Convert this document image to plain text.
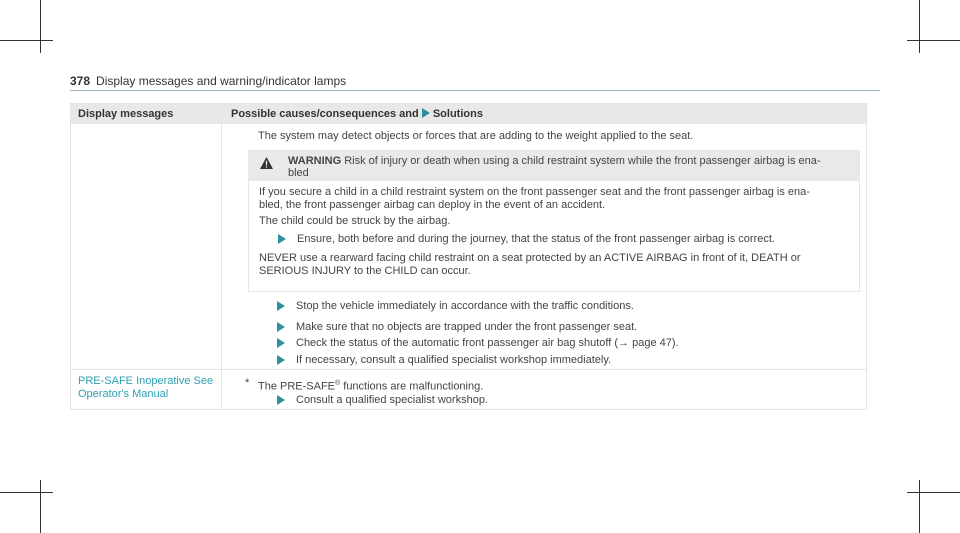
378 Display messages and warning/indicator lamps
Display messages	Possible causes/consequences and Solutions
The system may detect objects or forces that are adding to the weight applied to the seat.
WARNING Risk of injury or death when using a child restraint system while the front passenger airbag is ena-
bled
If you secure a child in a child restraint system on the front passenger seat and the front passenger airbag is ena-
bled, the front passenger airbag can deploy in the event of an accident.
The child could be struck by the airbag.
Ensure, both before and during the journey, that the status of the front passenger airbag is correct.
NEVER use a rearward facing child restraint on a seat protected by an ACTIVE AIRBAG in front of it, DEATH or
SERIOUS INJURY to the CHILD can occur.
Stop the vehicle immediately in accordance with the traffic conditions.
Make sure that no objects are trapped under the front passenger seat.
Check the status of the automatic front passenger air bag shutoff (→ page 47).
If necessary, consult a qualified specialist workshop immediately.
PRE-SAFE Inoperative See
Operator's Manual
* The PRE-SAFE® functions are malfunctioning.
Consult a qualified specialist workshop.
